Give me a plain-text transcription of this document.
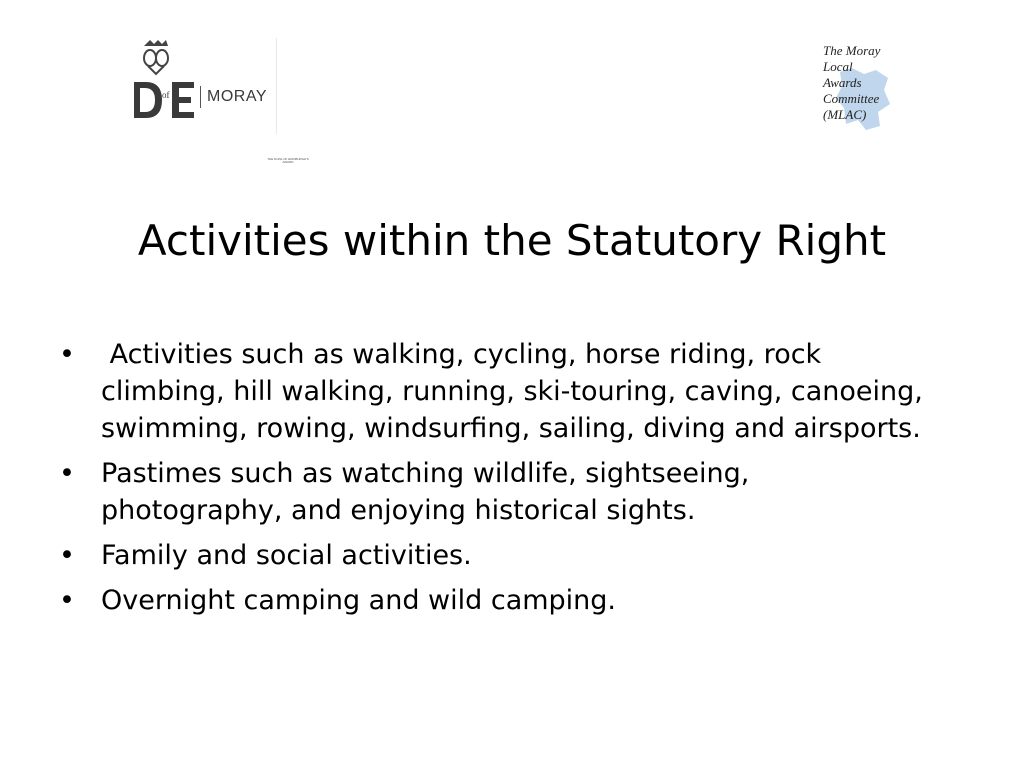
of
THE DUKE OF EDINBURGH'S AWARD
MORAY
The Moray
Local
Awards
Committee
(MLAC)
Activities within the Statutory Right
• Activities such as walking, cycling, horse riding, rock climbing, hill walking, running, ski-touring, caving, canoeing, swimming, rowing, windsurfing, sailing, diving and airsports.
• Pastimes such as watching wildlife, sightseeing, photography, and enjoying historical sights.
• Family and social activities.
• Overnight camping and wild camping.
